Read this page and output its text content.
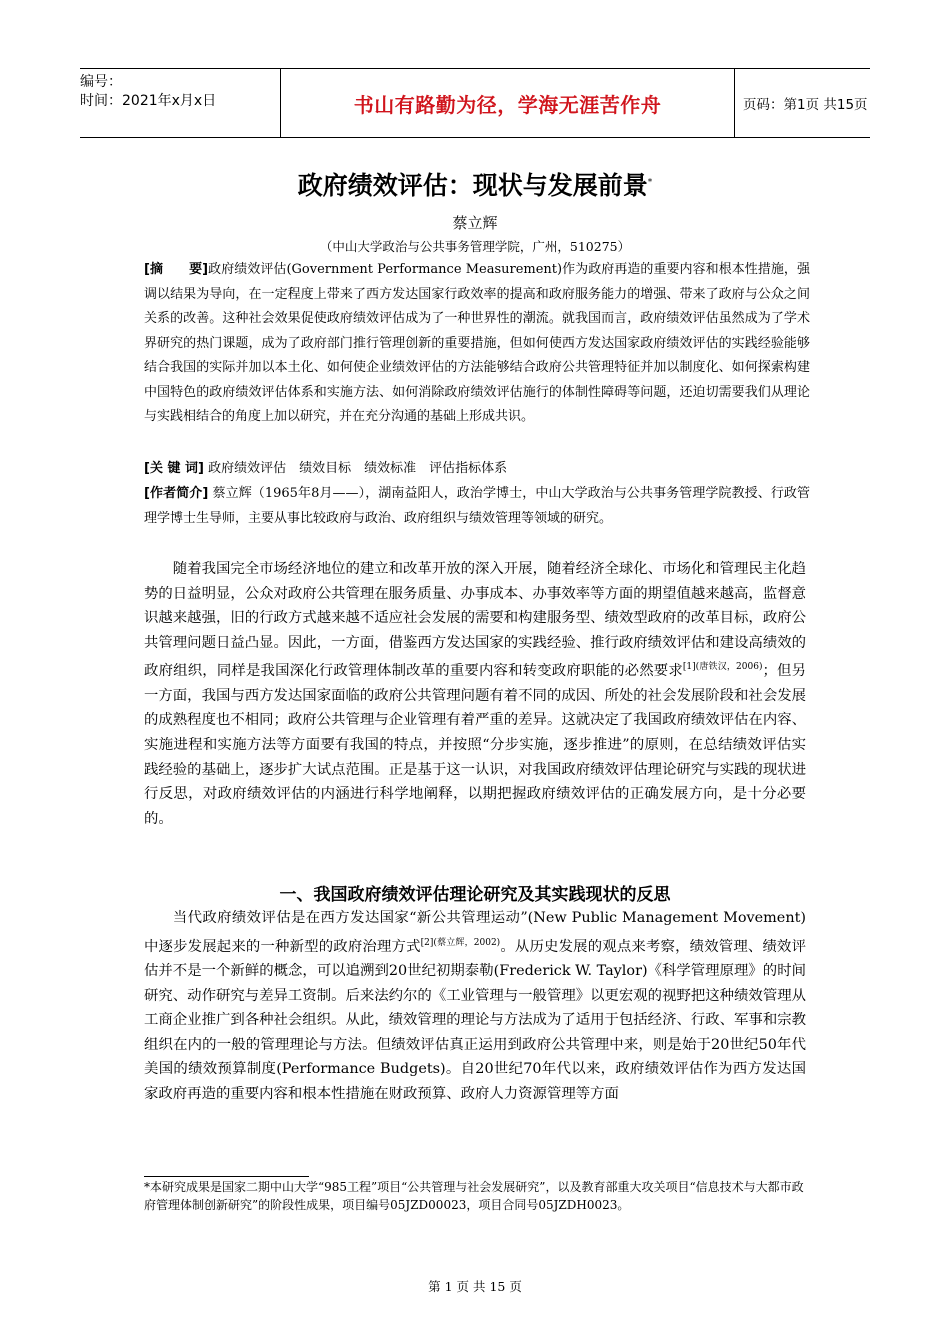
编号：
时间：2021年x月x日	书山有路勤为径，学海无涯苦作舟	页码：第1页 共15页
政府绩效评估：现状与发展前景*
蔡立辉
（中山大学政治与公共事务管理学院，广州，510275）

[摘　　要]政府绩效评估(Government Performance Measurement)作为政府再造的重要内容和根本性措施，强调以结果为导向，在一定程度上带来了西方发达国家行政效率的提高和政府服务能力的增强、带来了政府与公众之间关系的改善。这种社会效果促使政府绩效评估成为了一种世界性的潮流。就我国而言，政府绩效评估虽然成为了学术界研究的热门课题，成为了政府部门推行管理创新的重要措施，但如何使西方发达国家政府绩效评估的实践经验能够结合我国的实际并加以本土化、如何使企业绩效评估的方法能够结合政府公共管理特征并加以制度化、如何探索构建中国特色的政府绩效评估体系和实施方法、如何消除政府绩效评估施行的体制性障碍等问题，还迫切需要我们从理论与实践相结合的角度上加以研究，并在充分沟通的基础上形成共识。

[关 键 词] 政府绩效评估　绩效目标　绩效标准　评估指标体系

[作者简介] 蔡立辉（1965年8月——），湖南益阳人，政治学博士，中山大学政治与公共事务管理学院教授、行政管理学博士生导师，主要从事比较政府与政治、政府组织与绩效管理等领域的研究。

随着我国完全市场经济地位的建立和改革开放的深入开展，随着经济全球化、市场化和管理民主化趋势的日益明显，公众对政府公共管理在服务质量、办事成本、办事效率等方面的期望值越来越高，监督意识越来越强，旧的行政方式越来越不适应社会发展的需要和构建服务型、绩效型政府的改革目标，政府公共管理问题日益凸显。因此，一方面，借鉴西方发达国家的实践经验、推行政府绩效评估和建设高绩效的政府组织，同样是我国深化行政管理体制改革的重要内容和转变政府职能的必然要求$^{[1](唐铁汉,2006)}$；但另一方面，我国与西方发达国家面临的政府公共管理问题有着不同的成因、所处的社会发展阶段和社会发展的成熟程度也不相同；政府公共管理与企业管理有着严重的差异。这就决定了我国政府绩效评估在内容、实施进程和实施方法等方面要有我国的特点，并按照“分步实施，逐步推进”的原则，在总结绩效评估实践经验的基础上，逐步扩大试点范围。正是基于这一认识，对我国政府绩效评估理论研究与实践的现状进行反思，对政府绩效评估的内涵进行科学地阐释，以期把握政府绩效评估的正确发展方向，是十分必要的。

一、我国政府绩效评估理论研究及其实践现状的反思

当代政府绩效评估是在西方发达国家“新公共管理运动”(New Public Management Movement)中逐步发展起来的一种新型的政府治理方式$^{[2](蔡立辉,2002)}$。从历史发展的观点来考察，绩效管理、绩效评估并不是一个新鲜的概念，可以追溯到20世纪初期泰勒(Frederick W. Taylor)《科学管理原理》的时间研究、动作研究与差异工资制。后来法约尔的《工业管理与一般管理》以更宏观的视野把这种绩效管理从工商企业推广到各种社会组织。从此，绩效管理的理论与方法成为了适用于包括经济、行政、军事和宗教组织在内的一般的管理理论与方法。但绩效评估真正运用到政府公共管理中来，则是始于20世纪50年代美国的绩效预算制度(Performance Budgets)。自20世纪70年代以来，政府绩效评估作为西方发达国家政府再造的重要内容和根本性措施在财政预算、政府人力资源管理等方面

*本研究成果是国家二期中山大学“985工程”项目“公共管理与社会发展研究”，以及教育部重大攻关项目“信息技术与大都市政府管理体制创新研究”的阶段性成果，项目编号05JZD00023，项目合同号05JZDH0023。
第 1 页 共 15 页
